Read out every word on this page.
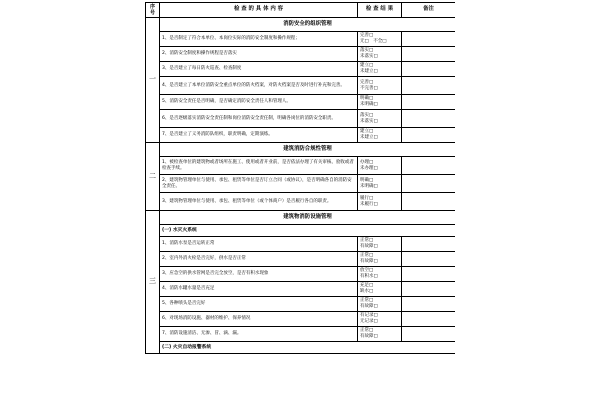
序号	检 查 的 具 体 内 容	检 查 结 果	备注
一	消防安全的组织管理		
	1、是否制定了符合本单位、本岗位实际的消防安全制度和操作规程；	完善□
无□　不全□	

	2、消防安全制度和操作规程是否落实	落实□
未落实□	

	3、是否建立了每日防火巡查、检查制度	建立□
未建立□	

	4、是否建立了本单位消防安全重点单位的防火档案，对防火档案是否及时进行补充和完善。	完善□
不完善□	

	5、消防安全责任是否明确，是否确定消防安全责任人和管理人。	明确□
未明确□	

	6、是否逐级落实消防安全责任制和岗位消防安全责任制，明确各岗位的消防安全职责。	落实□
未落实□	

	7、是否建立了义务消防队组织，职责明确，定期演练。	建立□
未建立□	

二	建筑消防合规性管理		
	1、被检查单位的建筑物或者场所在施工、使用或者开业前，是否依法办理了有关审核、验收或者检查手续。	办理□
未办理□	

	2、建筑物管理单位与使用、承包、租赁等单位是否订立合同（或协议），是否明确各自的消防安全责任。	明确□
未明确□	

	3、建筑物管理单位与使用、承包、租赁等单位（或个体商户）是否履行各自的职责。	履行□
未履行□	

三	建筑物消防设施管理		
	(一) 水灭火系统		
	1、消防水泵是否运转正常	正常□
有故障□	

	2、室内外消火栓是否完好，供水是否正常	正常□
有故障□	

	3、应急空的供水管网是否完全放空，是否有积水现象	放空□
有积水□	

	4、消防水罐水量是否充足	充足□
缺水□	

	5、各种喷头是否完好	正常□
有故障□	

	6、对现场消防设施、器材的维护、保养情况	有记录□
无记录□	

	7、消防设施清洁、无渗、冒、滴、漏。	正常□
有故障□	

	(二) 火灾自动报警系统		
